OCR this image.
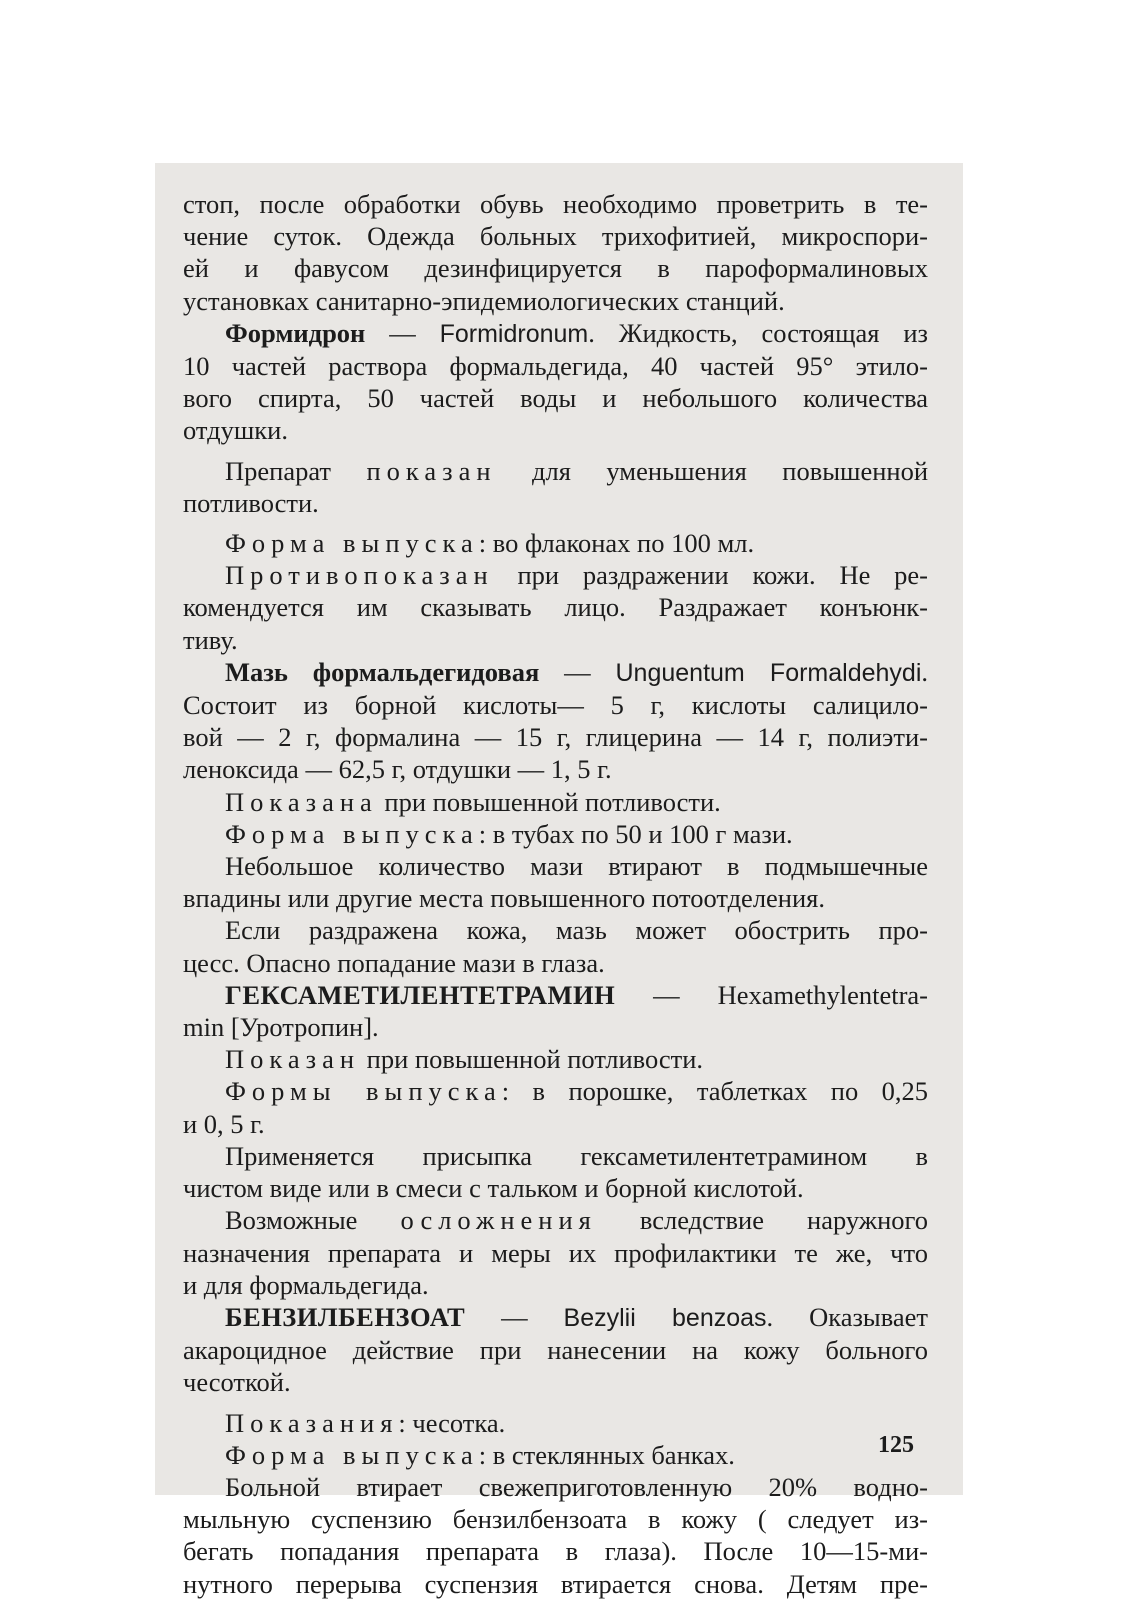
стоп, после обработки обувь необходимо проветрить в те-

чение суток. Одежда больных трихофитией, микроспори-

ей и фавусом дезинфицируется в пароформалиновых

установках санитарно-эпидемиологических станций.

Формидрон — Formidronum. Жидкость, состоящая из

10 частей раствора формальдегида, 40 частей 95° этило-

вого спирта, 50 частей воды и небольшого количества

отдушки.

Препарат показан для уменьшения повышенной

потливости.

Форма выпуска: во флаконах по 100 мл.

Противопоказан при раздражении кожи. Не ре-

комендуется им сказывать лицо. Раздражает конъюнк-

тиву.

Мазь формальдегидовая — Unguentum Formaldehydi.

Состоит из борной кислоты— 5 г, кислоты салицило-

вой — 2 г, формалина — 15 г, глицерина — 14 г, полиэти-

леноксида — 62,5 г, отдушки — 1, 5 г.

Показана при повышенной потливости.

Форма выпуска: в тубах по 50 и 100 г мази.

Небольшое количество мази втирают в подмышечные

впадины или другие места повышенного потоотделения.

Если раздражена кожа, мазь может обострить про-

цесс. Опасно попадание мази в глаза.

ГЕКСАМЕТИЛЕНТЕТРАМИН — Hexamethylentetra-

min [Уротропин].

Показан при повышенной потливости.

Формы выпуска: в порошке, таблетках по 0,25

и 0, 5 г.

Применяется присыпка гексаметилентетрамином в

чистом виде или в смеси с тальком и борной кислотой.

Возможные осложнения вследствие наружного

назначения препарата и меры их профилактики те же, что

и для формальдегида.

БЕНЗИЛБЕНЗОАТ — Bezylii benzoas. Оказывает

акароцидное действие при нанесении на кожу больного

чесоткой.

Показания: чесотка.

Форма выпуска: в стеклянных банках.

Больной втирает свежеприготовленную 20% водно-

мыльную суспензию бензилбензоата в кожу ( следует из-

бегать попадания препарата в глаза). После 10—15-ми-

нутного перерыва суспензия втирается снова. Детям пре-

125
